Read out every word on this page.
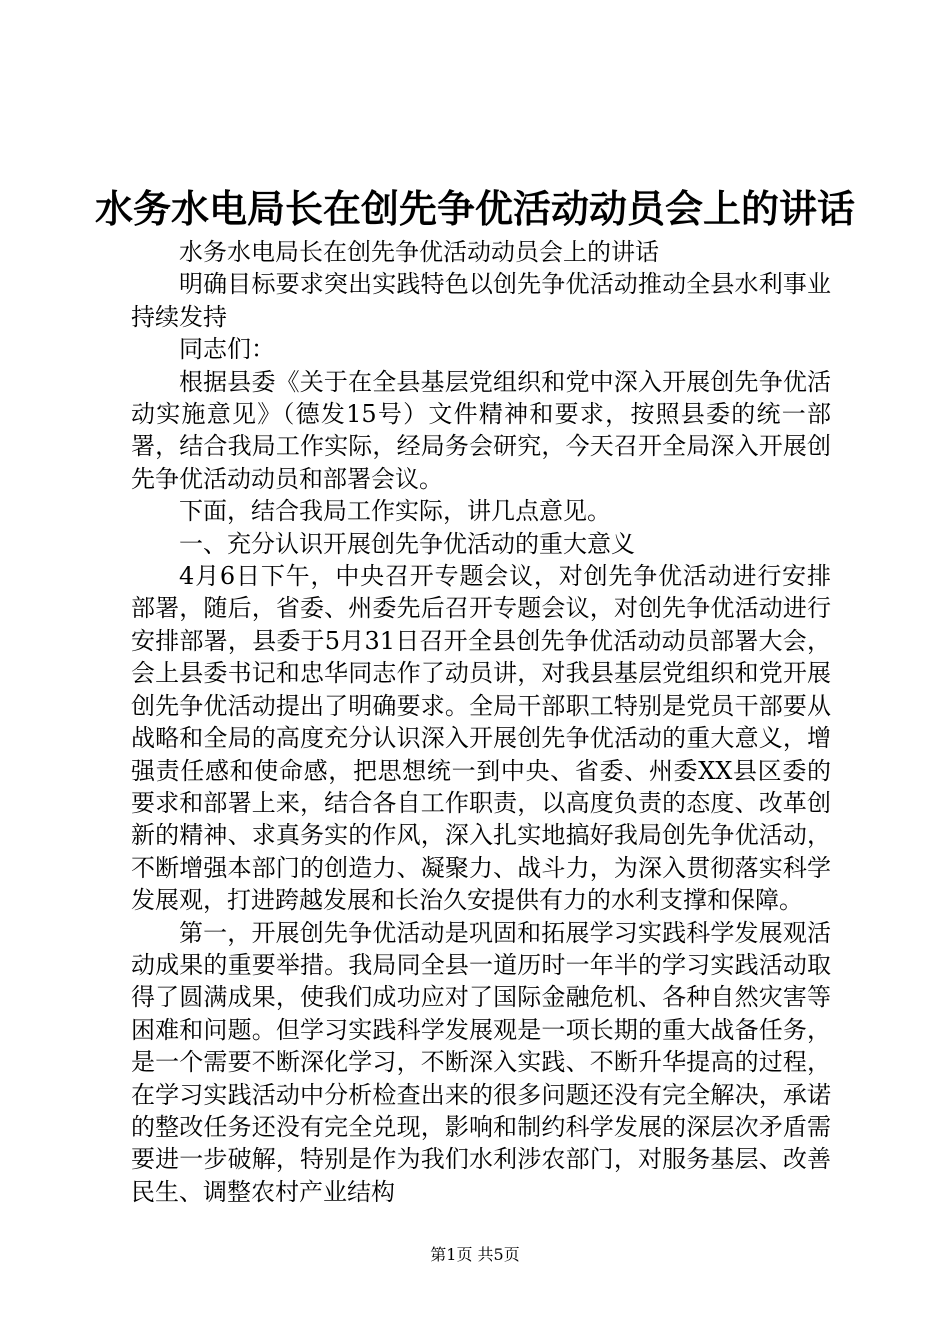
水务水电局长在创先争优活动动员会上的讲话

水务水电局长在创先争优活动动员会上的讲话

明确目标要求突出实践特色以创先争优活动推动全县水利事业持续发持

同志们：

根据县委《关于在全县基层党组织和党中深入开展创先争优活动实施意见》（德发15号）文件精神和要求，按照县委的统一部署，结合我局工作实际，经局务会研究，今天召开全局深入开展创先争优活动动员和部署会议。

下面，结合我局工作实际，讲几点意见。

一、充分认识开展创先争优活动的重大意义

4月6日下午，中央召开专题会议，对创先争优活动进行安排部署，随后，省委、州委先后召开专题会议，对创先争优活动进行安排部署，县委于5月31日召开全县创先争优活动动员部署大会，会上县委书记和忠华同志作了动员讲，对我县基层党组织和党开展创先争优活动提出了明确要求。全局干部职工特别是党员干部要从战略和全局的高度充分认识深入开展创先争优活动的重大意义，增强责任感和使命感，把思想统一到中央、省委、州委XX县区委的要求和部署上来，结合各自工作职责，以高度负责的态度、改革创新的精神、求真务实的作风，深入扎实地搞好我局创先争优活动，不断增强本部门的创造力、凝聚力、战斗力，为深入贯彻落实科学发展观，打进跨越发展和长治久安提供有力的水利支撑和保障。

第一，开展创先争优活动是巩固和拓展学习实践科学发展观活动成果的重要举措。我局同全县一道历时一年半的学习实践活动取得了圆满成果，使我们成功应对了国际金融危机、各种自然灾害等困难和问题。但学习实践科学发展观是一项长期的重大战备任务，是一个需要不断深化学习，不断深入实践、不断升华提高的过程，在学习实践活动中分析检查出来的很多问题还没有完全解决，承诺的整改任务还没有完全兑现，影响和制约科学发展的深层次矛盾需要进一步破解，特别是作为我们水利涉农部门，对服务基层、改善民生、调整农村产业结构

第1页 共5页
